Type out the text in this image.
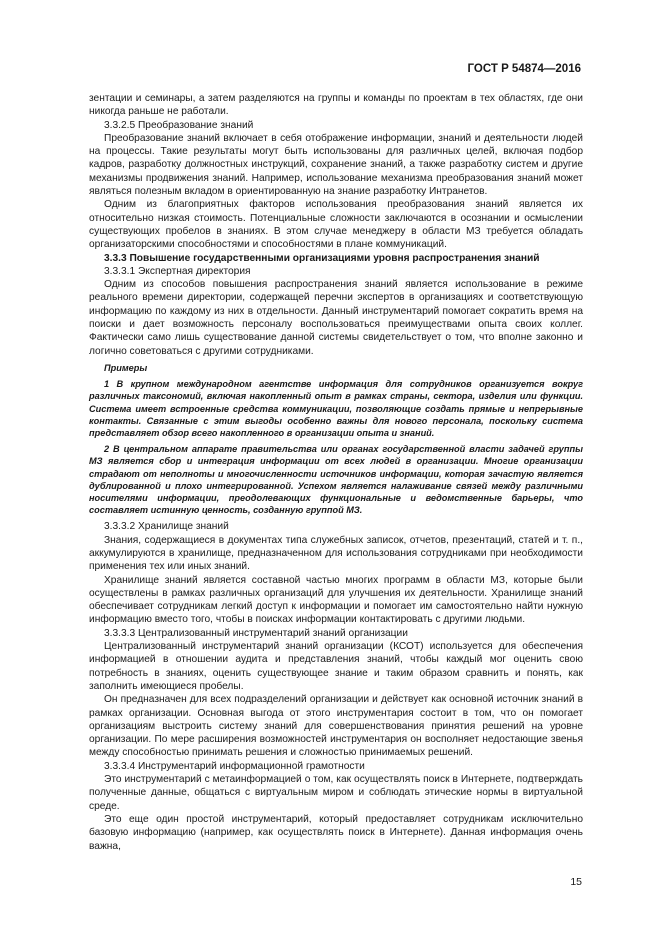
ГОСТ Р 54874—2016

зентации и семинары, а затем разделяются на группы и команды по проектам в тех областях, где они никогда раньше не работали.

3.3.2.5 Преобразование знаний

Преобразование знаний включает в себя отображение информации, знаний и деятельности людей на процессы. Такие результаты могут быть использованы для различных целей, включая подбор кадров, разработку должностных инструкций, сохранение знаний, а также разработку систем и другие механизмы продвижения знаний. Например, использование механизма преобразования знаний может являться полезным вкладом в ориентированную на знание разработку Интранетов.

Одним из благоприятных факторов использования преобразования знаний является их относительно низкая стоимость. Потенциальные сложности заключаются в осознании и осмыслении существующих пробелов в знаниях. В этом случае менеджеру в области МЗ требуется обладать организаторскими способностями и способностями в плане коммуникаций.

3.3.3 Повышение государственными организациями уровня распространения знаний

3.3.3.1 Экспертная директория

Одним из способов повышения распространения знаний является использование в режиме реального времени директории, содержащей перечни экспертов в организациях и соответствующую информацию по каждому из них в отдельности. Данный инструментарий помогает сократить время на поиски и дает возможность персоналу воспользоваться преимуществами опыта своих коллег. Фактически само лишь существование данной системы свидетельствует о том, что вполне законно и логично советоваться с другими сотрудниками.

Примеры

1 В крупном международном агентстве информация для сотрудников организуется вокруг различных таксономий, включая накопленный опыт в рамках страны, сектора, изделия или функции. Система имеет встроенные средства коммуникации, позволяющие создать прямые и непрерывные контакты. Связанные с этим выгоды особенно важны для нового персонала, поскольку система представляет обзор всего накопленного в организации опыта и знаний.

2 В центральном аппарате правительства или органах государственной власти задачей группы МЗ является сбор и интеграция информации от всех людей в организации. Многие организации страдают от неполноты и многочисленности источников информации, которая зачастую является дублированной и плохо интегрированной. Успехом является налаживание связей между различными носителями информации, преодолевающих функциональные и ведомственные барьеры, что составляет истинную ценность, созданную группой МЗ.

3.3.3.2 Хранилище знаний

Знания, содержащиеся в документах типа служебных записок, отчетов, презентаций, статей и т. п., аккумулируются в хранилище, предназначенном для использования сотрудниками при необходимости применения тех или иных знаний.

Хранилище знаний является составной частью многих программ в области МЗ, которые были осуществлены в рамках различных организаций для улучшения их деятельности. Хранилище знаний обеспечивает сотрудникам легкий доступ к информации и помогает им самостоятельно найти нужную информацию вместо того, чтобы в поисках информации контактировать с другими людьми.

3.3.3.3 Централизованный инструментарий знаний организации

Централизованный инструментарий знаний организации (КСОТ) используется для обеспечения информацией в отношении аудита и представления знаний, чтобы каждый мог оценить свою потребность в знаниях, оценить существующее знание и таким образом сравнить и понять, как заполнить имеющиеся пробелы.

Он предназначен для всех подразделений организации и действует как основной источник знаний в рамках организации. Основная выгода от этого инструментария состоит в том, что он помогает организациям выстроить систему знаний для совершенствования принятия решений на уровне организации. По мере расширения возможностей инструментария он восполняет недостающие звенья между способностью принимать решения и сложностью принимаемых решений.

3.3.3.4 Инструментарий информационной грамотности

Это инструментарий с метаинформацией о том, как осуществлять поиск в Интернете, подтверждать полученные данные, общаться с виртуальным миром и соблюдать этические нормы в виртуальной среде.

Это еще один простой инструментарий, который предоставляет сотрудникам исключительно базовую информацию (например, как осуществлять поиск в Интернете). Данная информация очень важна,

15
